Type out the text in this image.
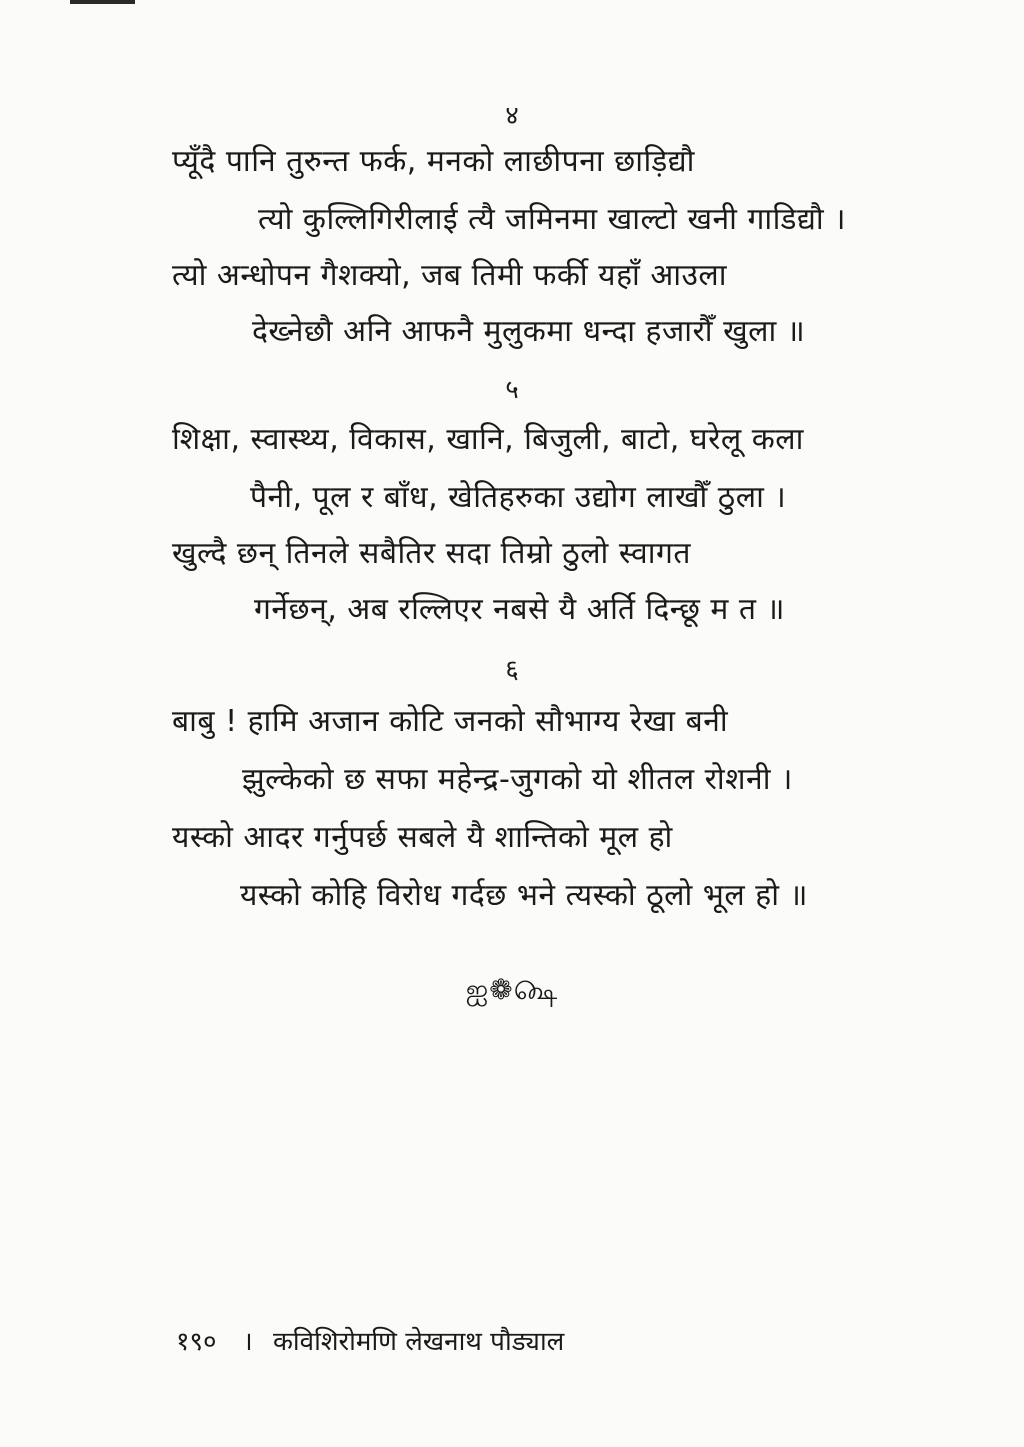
४
प्यूँदै पानि तुरुन्त फर्क, मनको लाछीपना छाड़िद्यौ
त्यो कुल्लिगिरीलाई त्यै जमिनमा खाल्टो खनी गाडिद्यौ ।
त्यो अन्धोपन गैशक्यो, जब तिमी फर्की यहाँ आउला
देख्नेछौ अनि आफनै मुलुकमा धन्दा हजारौँ खुला ॥
५
शिक्षा, स्वास्थ्य, विकास, खानि, बिजुली, बाटो, घरेलू कला
पैनी, पूल र बाँध, खेतिहरुका उद्योग लाखौँ ठुला ।
खुल्दै छन् तिनले सबैतिर सदा तिम्रो ठुलो स्वागत
गर्नेछन्, अब रल्लिएर नबसे यै अर्ति दिन्छू म त ॥
६
बाबु ! हामि अजान कोटि जनको सौभाग्य रेखा बनी
झुल्केको छ सफा महेन्द्र-जुगको यो शीतल रोशनी ।
यस्को आदर गर्नुपर्छ सबले यै शान्तिको मूल हो
यस्को कोहि विरोध गर्दछ भने त्यस्को ठूलो भूल हो ॥
ஐ❁௸
१९० । कविशिरोमणि लेखनाथ पौड्याल
